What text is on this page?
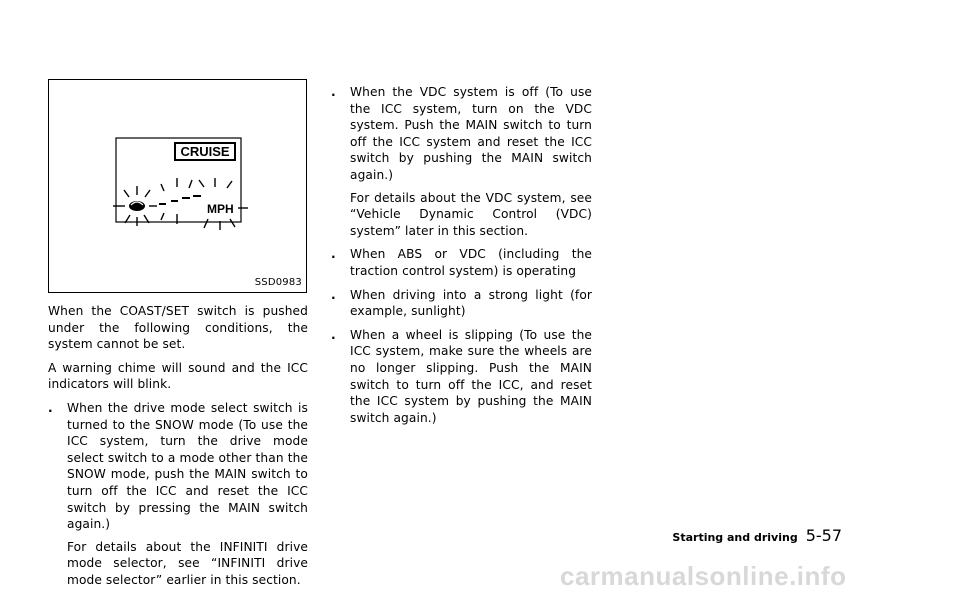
CRUISE
MPH
SSD0983

When the COAST/SET switch is pushed under the following conditions, the system cannot be set.

A warning chime will sound and the ICC indicators will blink.

. When the drive mode select switch is turned to the SNOW mode (To use the ICC system, turn the drive mode select switch to a mode other than the SNOW mode, push the MAIN switch to turn off the ICC and reset the ICC switch by pressing the MAIN switch again.)

For details about the INFINITI drive mode selector, see “INFINITI drive mode selector” earlier in this section.

. When the VDC system is off (To use the ICC system, turn on the VDC system. Push the MAIN switch to turn off the ICC system and reset the ICC switch by pushing the MAIN switch again.)

For details about the VDC system, see “Vehicle Dynamic Control (VDC) system” later in this section.

. When ABS or VDC (including the traction control system) is operating

. When driving into a strong light (for example, sunlight)

. When a wheel is slipping (To use the ICC system, make sure the wheels are no longer slipping. Push the MAIN switch to turn off the ICC, and reset the ICC system by pushing the MAIN switch again.)

Starting and driving 5-57
carmanualsonline.info
